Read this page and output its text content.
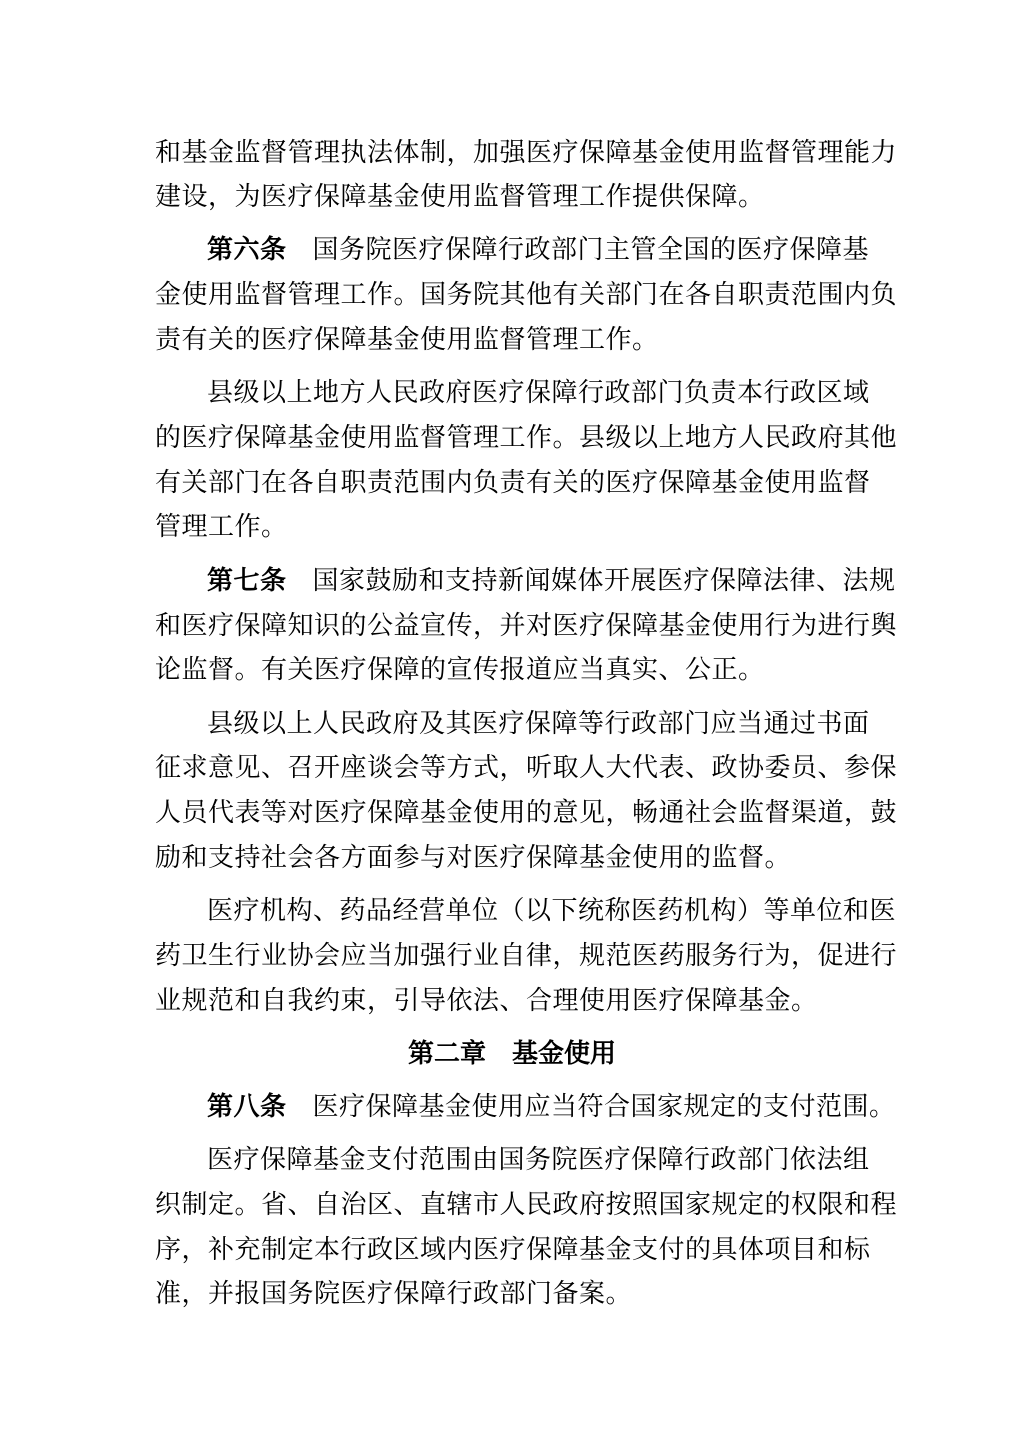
和基金监督管理执法体制，加强医疗保障基金使用监督管理能力
建设，为医疗保障基金使用监督管理工作提供保障。
第六条 国务院医疗保障行政部门主管全国的医疗保障基
金使用监督管理工作。国务院其他有关部门在各自职责范围内负
责有关的医疗保障基金使用监督管理工作。
县级以上地方人民政府医疗保障行政部门负责本行政区域
的医疗保障基金使用监督管理工作。县级以上地方人民政府其他
有关部门在各自职责范围内负责有关的医疗保障基金使用监督
管理工作。
第七条 国家鼓励和支持新闻媒体开展医疗保障法律、法规
和医疗保障知识的公益宣传，并对医疗保障基金使用行为进行舆
论监督。有关医疗保障的宣传报道应当真实、公正。
县级以上人民政府及其医疗保障等行政部门应当通过书面
征求意见、召开座谈会等方式，听取人大代表、政协委员、参保
人员代表等对医疗保障基金使用的意见，畅通社会监督渠道，鼓
励和支持社会各方面参与对医疗保障基金使用的监督。
医疗机构、药品经营单位（以下统称医药机构）等单位和医
药卫生行业协会应当加强行业自律，规范医药服务行为，促进行
业规范和自我约束，引导依法、合理使用医疗保障基金。
第二章 基金使用
第八条 医疗保障基金使用应当符合国家规定的支付范围。
医疗保障基金支付范围由国务院医疗保障行政部门依法组
织制定。省、自治区、直辖市人民政府按照国家规定的权限和程
序，补充制定本行政区域内医疗保障基金支付的具体项目和标
准，并报国务院医疗保障行政部门备案。
